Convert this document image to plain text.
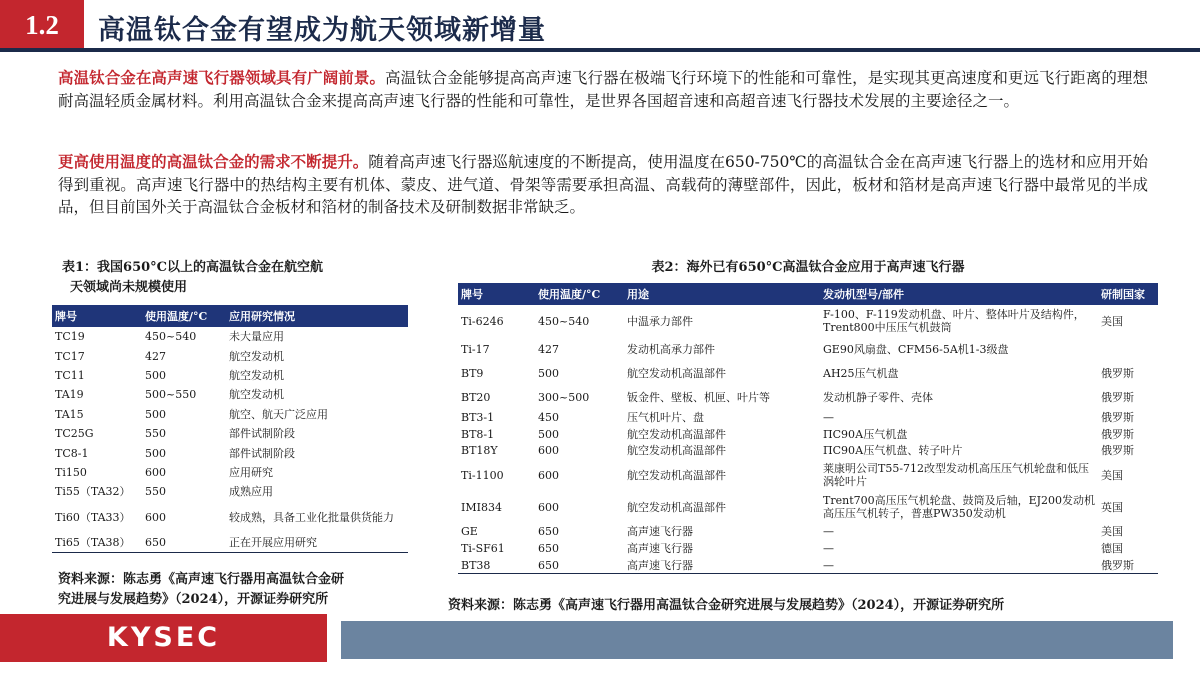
1.2	高温钛合金有望成为航天领域新增量
高温钛合金在高声速飞行器领域具有广阔前景。高温钛合金能够提高高声速飞行器在极端飞行环境下的性能和可靠性，是实现其更高速度和更远飞行距离的理想耐高温轻质金属材料。利用高温钛合金来提高高声速飞行器的性能和可靠性，是世界各国超音速和高超音速飞行器技术发展的主要途径之一。
更高使用温度的高温钛合金的需求不断提升。随着高声速飞行器巡航速度的不断提高，使用温度在650-750℃的高温钛合金在高声速飞行器上的选材和应用开始得到重视。高声速飞行器中的热结构主要有机体、蒙皮、进气道、骨架等需要承担高温、高载荷的薄壁部件，因此，板材和箔材是高声速飞行器中最常见的半成品，但目前国外关于高温钛合金板材和箔材的制备技术及研制数据非常缺乏。
表1：我国650°C以上的高温钛合金在航空航
天领域尚未规模使用
牌号	使用温度/°C	应用研究情况
TC19	450~540	未大量应用
TC17	427	航空发动机
TC11	500	航空发动机
TA19	500~550	航空发动机
TA15	500	航空、航天广泛应用
TC25G	550	部件试制阶段
TC8-1	500	部件试制阶段
Ti150	600	应用研究
Ti55（TA32）	550	成熟应用
Ti60（TA33）	600	较成熟，具备工业化批量供货能力
Ti65（TA38）	650	正在开展应用研究
资料来源：陈志勇《高声速飞行器用高温钛合金研
究进展与发展趋势》（2024），开源证券研究所
表2：海外已有650°C高温钛合金应用于高声速飞行器
牌号	使用温度/°C	用途	发动机型号/部件	研制国家
Ti-6246	450~540	中温承力部件	F-100、F-119发动机盘、叶片、整体叶片及结构件，Trent800中压压气机鼓筒	美国
Ti-17	427	发动机高承力部件	GE90风扇盘、CFM56-5A机1-3级盘	
BT9	500	航空发动机高温部件	AH25压气机盘	俄罗斯
BT20	300~500	钣金件、壁板、机匣、叶片等	发动机静子零件、壳体	俄罗斯
BT3-1	450	压气机叶片、盘	—	俄罗斯
BT8-1	500	航空发动机高温部件	ПС90А压气机盘	俄罗斯
BT18Y	600	航空发动机高温部件	ПС90А压气机盘、转子叶片	俄罗斯
Ti-1100	600	航空发动机高温部件	莱康明公司T55-712改型发动机高压压气机轮盘和低压涡轮叶片	美国
IMI834	600	航空发动机高温部件	Trent700高压压气机轮盘、鼓筒及后轴，EJ200发动机高压压气机转子，普惠PW350发动机	英国
GE	650	高声速飞行器	—	美国
Ti-SF61	650	高声速飞行器	—	德国
BT38	650	高声速飞行器	—	俄罗斯
资料来源：陈志勇《高声速飞行器用高温钛合金研究进展与发展趋势》（2024），开源证券研究所
KYSEC
